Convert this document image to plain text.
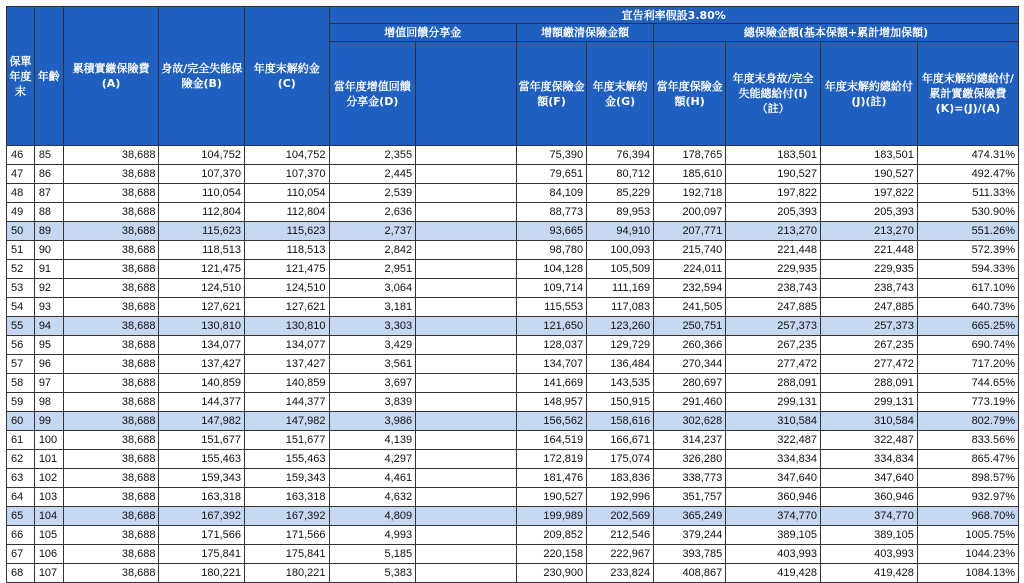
保單年度末	年齡	累積實繳保險費(A)	身故/完全失能保險金(B)	年度末解約金(C)	宣告利率假設3.80%							
					增值回饋分享金		增額繳清保險金額		總保險金額(基本保額+累計增加保額)			
					當年度增值回饋分享金(D)		當年度保險金額(F)	年度末解約金(G)	當年度保險金額(H)	年度末身故/完全失能總給付(I)（註）	年度末解約總給付(J)(註)	年度末解約總給付/累計實繳保險費(K)=(J)/(A)
46	85	38,688	104,752	104,752	2,355		75,390	76,394	178,765	183,501	183,501	474.31%
47	86	38,688	107,370	107,370	2,445		79,651	80,712	185,610	190,527	190,527	492.47%
48	87	38,688	110,054	110,054	2,539		84,109	85,229	192,718	197,822	197,822	511.33%
49	88	38,688	112,804	112,804	2,636		88,773	89,953	200,097	205,393	205,393	530.90%
50	89	38,688	115,623	115,623	2,737		93,665	94,910	207,771	213,270	213,270	551.26%
51	90	38,688	118,513	118,513	2,842		98,780	100,093	215,740	221,448	221,448	572.39%
52	91	38,688	121,475	121,475	2,951		104,128	105,509	224,011	229,935	229,935	594.33%
53	92	38,688	124,510	124,510	3,064		109,714	111,169	232,594	238,743	238,743	617.10%
54	93	38,688	127,621	127,621	3,181		115,553	117,083	241,505	247,885	247,885	640.73%
55	94	38,688	130,810	130,810	3,303		121,650	123,260	250,751	257,373	257,373	665.25%
56	95	38,688	134,077	134,077	3,429		128,037	129,729	260,366	267,235	267,235	690.74%
57	96	38,688	137,427	137,427	3,561		134,707	136,484	270,344	277,472	277,472	717.20%
58	97	38,688	140,859	140,859	3,697		141,669	143,535	280,697	288,091	288,091	744.65%
59	98	38,688	144,377	144,377	3,839		148,957	150,915	291,460	299,131	299,131	773.19%
60	99	38,688	147,982	147,982	3,986		156,562	158,616	302,628	310,584	310,584	802.79%
61	100	38,688	151,677	151,677	4,139		164,519	166,671	314,237	322,487	322,487	833.56%
62	101	38,688	155,463	155,463	4,297		172,819	175,074	326,280	334,834	334,834	865.47%
63	102	38,688	159,343	159,343	4,461		181,476	183,836	338,773	347,640	347,640	898.57%
64	103	38,688	163,318	163,318	4,632		190,527	192,996	351,757	360,946	360,946	932.97%
65	104	38,688	167,392	167,392	4,809		199,989	202,569	365,249	374,770	374,770	968.70%
66	105	38,688	171,566	171,566	4,993		209,852	212,546	379,244	389,105	389,105	1005.75%
67	106	38,688	175,841	175,841	5,185		220,158	222,967	393,785	403,993	403,993	1044.23%
68	107	38,688	180,221	180,221	5,383		230,900	233,824	408,867	419,428	419,428	1084.13%
